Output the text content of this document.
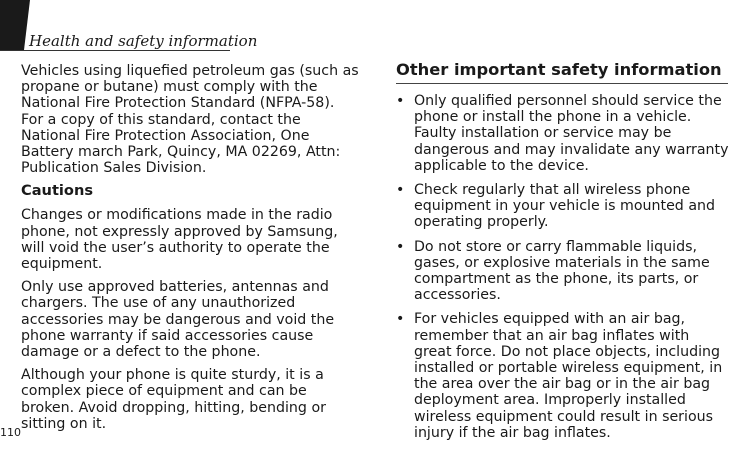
Health and safety information

Vehicles using liquefied petroleum gas (such as propane or butane) must comply with the National Fire Protection Standard (NFPA-58). For a copy of this standard, contact the National Fire Protection Association, One Battery march Park, Quincy, MA 02269, Attn: Publication Sales Division.

Cautions

Changes or modifications made in the radio phone, not expressly approved by Samsung, will void the user’s authority to operate the equipment.

Only use approved batteries, antennas and chargers. The use of any unauthorized accessories may be dangerous and void the phone warranty if said accessories cause damage or a defect to the phone.

Although your phone is quite sturdy, it is a complex piece of equipment and can be broken. Avoid dropping, hitting, bending or sitting on it.

Other important safety information
• Only qualified personnel should service the phone or install the phone in a vehicle. Faulty installation or service may be dangerous and may invalidate any warranty applicable to the device.
• Check regularly that all wireless phone equipment in your vehicle is mounted and operating properly.
• Do not store or carry flammable liquids, gases, or explosive materials in the same compartment as the phone, its parts, or accessories.
• For vehicles equipped with an air bag, remember that an air bag inflates with great force. Do not place objects, including installed or portable wireless equipment, in the area over the air bag or in the air bag deployment area. Improperly installed wireless equipment could result in serious injury if the air bag inflates.
110
